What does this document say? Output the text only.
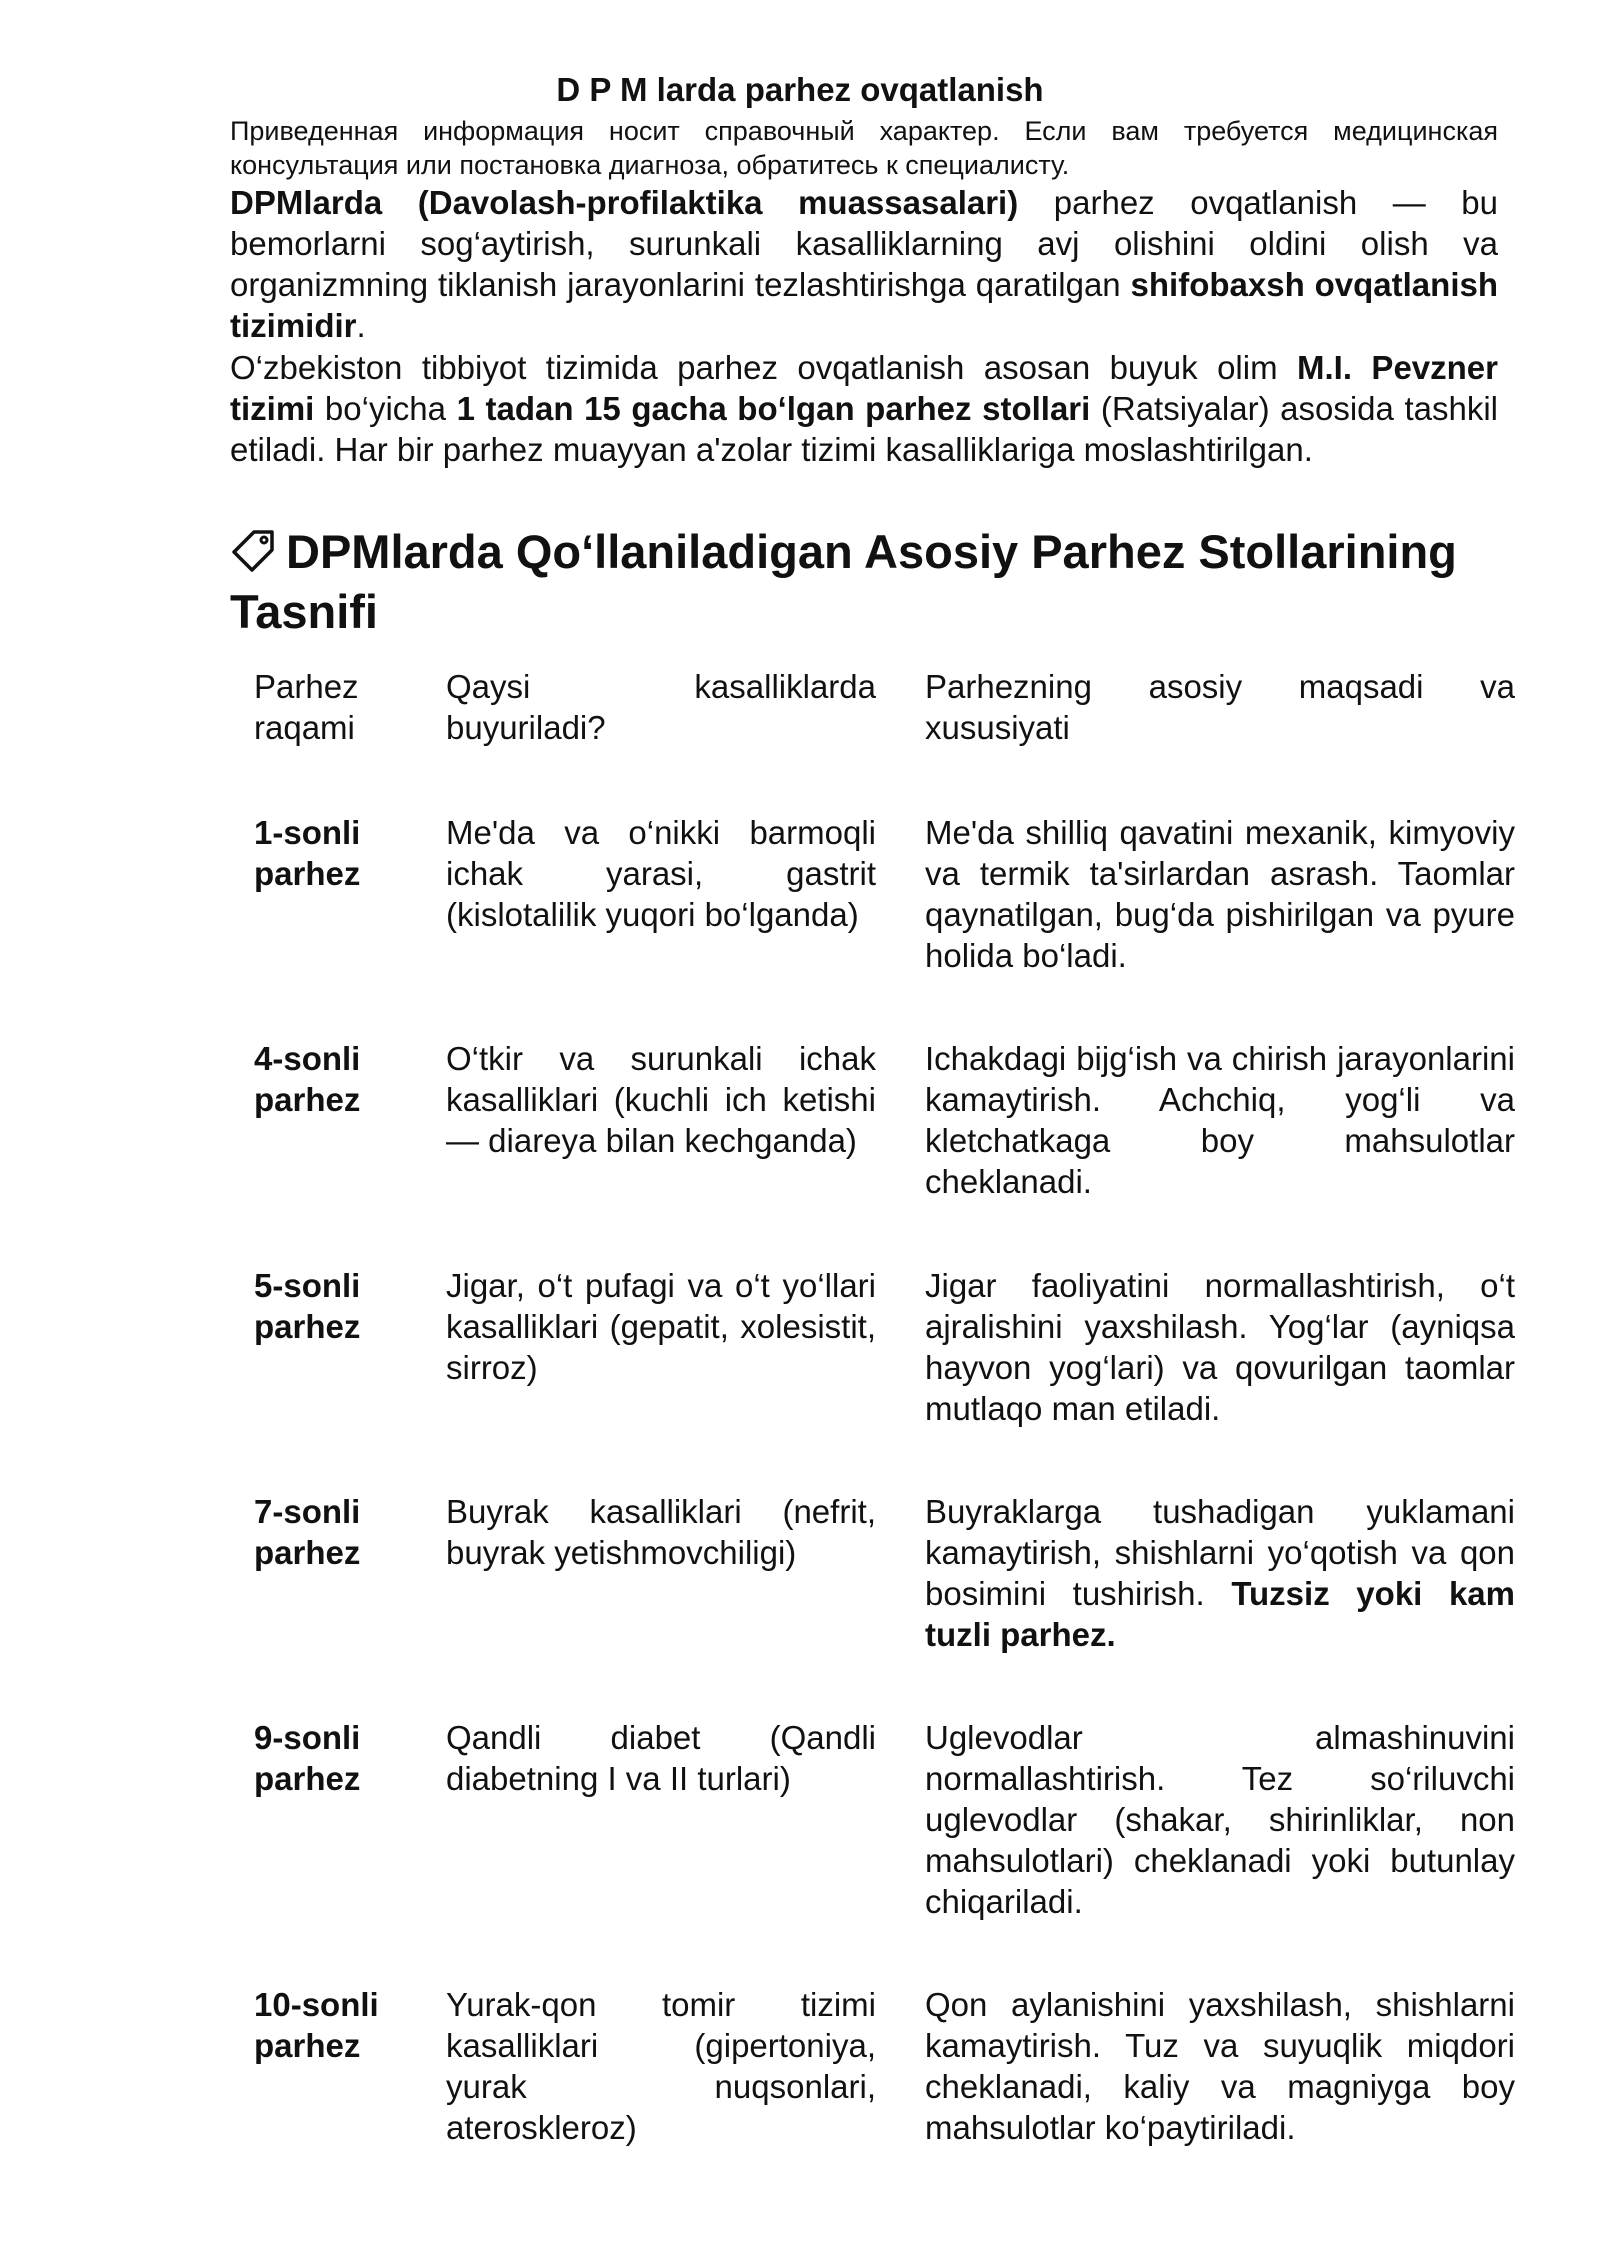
D P M larda parhez ovqatlanish

Приведенная информация носит справочный характер. Если вам требуется медицинская консультация или постановка диагноза, обратитесь к специалисту.

DPMlarda (Davolash-profilaktika muassasalari) parhez ovqatlanish — bu bemorlarni sog‘aytirish, surunkali kasalliklarning avj olishini oldini olish va organizmning tiklanish jarayonlarini tezlashtirishga qaratilgan shifobaxsh ovqatlanish tizimidir.

O‘zbekiston tibbiyot tizimida parhez ovqatlanish asosan buyuk olim M.I. Pevzner tizimi bo‘yicha 1 tadan 15 gacha bo‘lgan parhez stollari (Ratsiyalar) asosida tashkil etiladi. Har bir parhez muayyan a'zolar tizimi kasalliklariga moslashtirilgan.

DPMlarda Qo‘llaniladigan Asosiy Parhez Stollarining Tasnifi

Parhez raqami

Qaysi kasalliklarda buyuriladi?

Parhezning asosiy maqsadi va xususiyati

1-sonli parhez

Me'da va o‘nikki barmoqli ichak yarasi, gastrit (kislotalilik yuqori bo‘lganda)

Me'da shilliq qavatini mexanik, kimyoviy va termik ta'sirlardan asrash. Taomlar qaynatilgan, bug‘da pishirilgan va pyure holida bo‘ladi.

4-sonli parhez

O‘tkir va surunkali ichak kasalliklari (kuchli ich ketishi — diareya bilan kechganda)

Ichakdagi bijg‘ish va chirish jarayonlarini kamaytirish. Achchiq, yog‘li va kletchatkaga boy mahsulotlar cheklanadi.

5-sonli parhez

Jigar, o‘t pufagi va o‘t yo‘llari kasalliklari (gepatit, xolesistit, sirroz)

Jigar faoliyatini normallashtirish, o‘t ajralishini yaxshilash. Yog‘lar (ayniqsa hayvon yog‘lari) va qovurilgan taomlar mutlaqo man etiladi.

7-sonli parhez

Buyrak kasalliklari (nefrit, buyrak yetishmovchiligi)

Buyraklarga tushadigan yuklamani kamaytirish, shishlarni yo‘qotish va qon bosimini tushirish. Tuzsiz yoki kam tuzli parhez.

9-sonli parhez

Qandli diabet (Qandli diabetning I va II turlari)

Uglevodlar almashinuvini normallashtirish. Tez so‘riluvchi uglevodlar (shakar, shirinliklar, non mahsulotlari) cheklanadi yoki butunlay chiqariladi.

10-sonli parhez

Yurak-qon tomir tizimi kasalliklari (gipertoniya, yurak nuqsonlari, ateroskleroz)

Qon aylanishini yaxshilash, shishlarni kamaytirish. Tuz va suyuqlik miqdori cheklanadi, kaliy va magniyga boy mahsulotlar ko‘paytiriladi.
